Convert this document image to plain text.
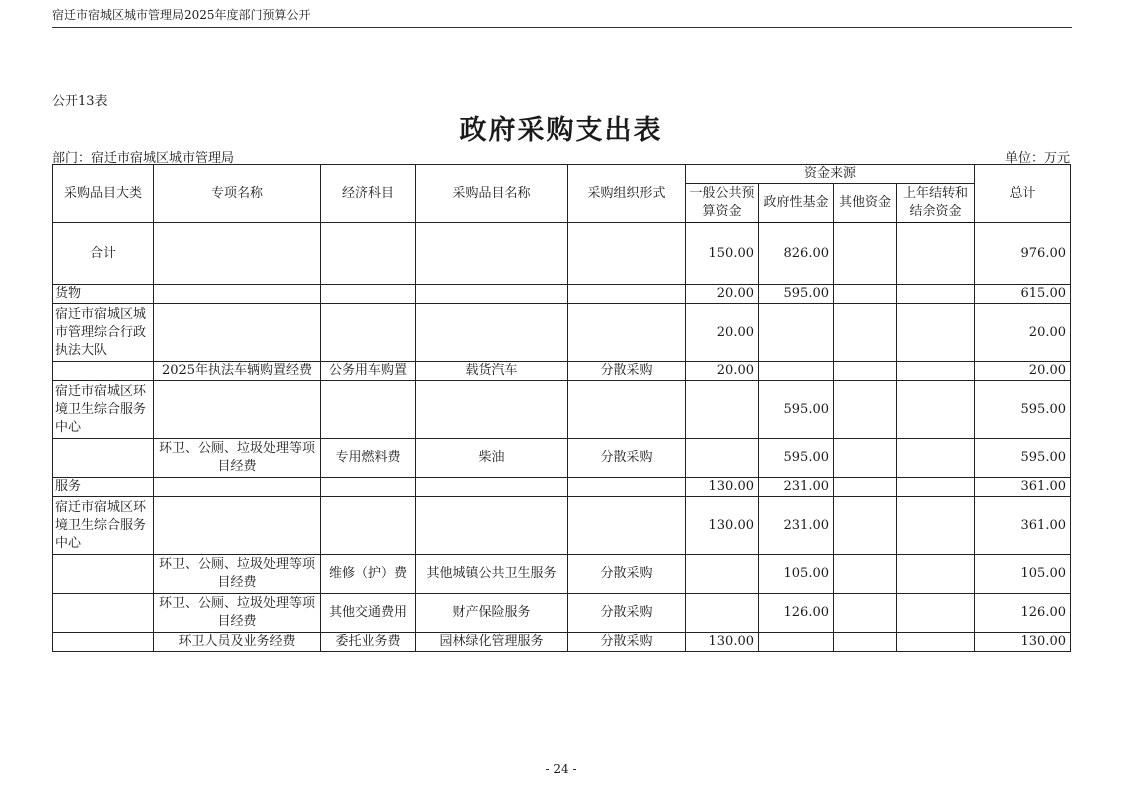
宿迁市宿城区城市管理局2025年度部门预算公开
公开13表
政府采购支出表
部门：宿迁市宿城区城市管理局	单位：万元
采购品目大类	专项名称	经济科目	采购品目名称	采购组织形式	资金来源				总计
					一般公共预算资金	政府性基金	其他资金	上年结转和结余资金	
合计					150.00	826.00			976.00
货物					20.00	595.00			615.00
宿迁市宿城区城市管理综合行政执法大队					20.00				20.00
	2025年执法车辆购置经费	公务用车购置	载货汽车	分散采购	20.00				20.00
宿迁市宿城区环境卫生综合服务中心						595.00			595.00
	环卫、公厕、垃圾处理等项目经费	专用燃料费	柴油	分散采购		595.00			595.00
服务					130.00	231.00			361.00
宿迁市宿城区环境卫生综合服务中心					130.00	231.00			361.00
	环卫、公厕、垃圾处理等项目经费	维修（护）费	其他城镇公共卫生服务	分散采购		105.00			105.00
	环卫、公厕、垃圾处理等项目经费	其他交通费用	财产保险服务	分散采购		126.00			126.00
	环卫人员及业务经费	委托业务费	园林绿化管理服务	分散采购	130.00				130.00
- 24 -
